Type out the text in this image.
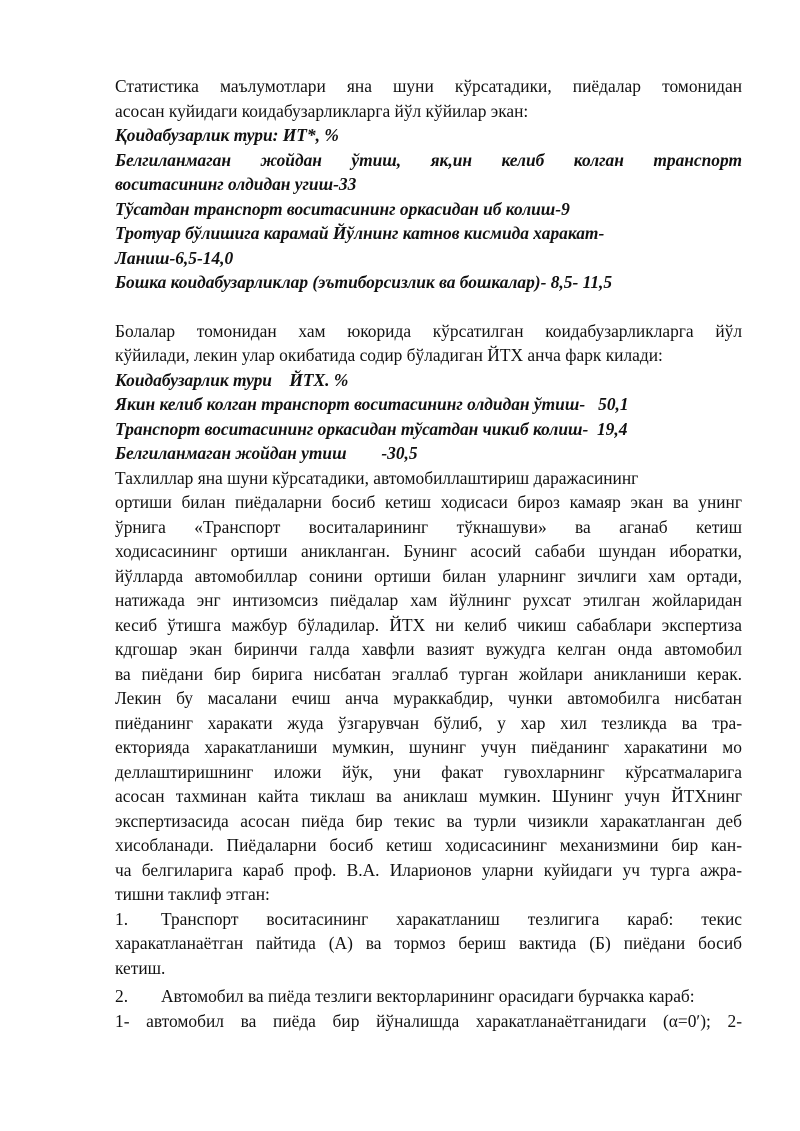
Статистика маълумотлари яна шуни кўрсатадики, пиёдалар томонидан
асосан куйидаги коидабузарликларга йўл кўйилар экан:
Қоидабузарлик тури: ИТ*, %
Белгиланмаган жойдан ўтиш, як,ин келиб колган транспорт
воситасининг олдидан угиш-33
Тўсатдан транспорт воситасининг оркасидан иб колиш-9
Тротуар бўлишига карамай Йўлнинг катнов кисмида харакат-
Ланиш-6,5-14,0
Бошка коидабузарликлар (эътиборсизлик ва бошкалар)- 8,5- 11,5
Болалар томонидан хам юкорида кўрсатилган коидабузарликларга йўл
кўйилади, лекин улар окибатида содир бўладиган ЙТХ анча фарк килади:
Коидабузарлик тури    ЙТХ. %
Якин келиб колган транспорт воситасининг олдидан ўтиш-   50,1
Транспорт воситасининг оркасидан тўсатдан чикиб колиш-  19,4
Белгиланмаган жойдан утиш        -30,5
Тахлиллар яна шуни кўрсатадики, автомобиллаштириш даражасининг
ортиши билан пиёдаларни босиб кетиш ходисаси бироз камаяр экан ва унинг
ўрнига «Транспорт воситаларининг тўкнашуви» ва аганаб кетиш
ходисасининг ортиши аникланган. Бунинг асосий сабаби шундан иборатки,
йўлларда автомобиллар сонини ортиши билан уларнинг зичлиги хам ортади,
натижада энг интизомсиз пиёдалар хам йўлнинг рухсат этилган жойларидан
кесиб ўтишга мажбур бўладилар. ЙТХ ни келиб чикиш сабаблари экспертиза
кдгошар экан биринчи галда хавфли вазият вужудга келган онда автомобил
ва пиёдани бир бирига нисбатан эгаллаб турган жойлари аникланиши керак.
Лекин бу масалани ечиш анча мураккабдир, чунки автомобилга нисбатан
пиёданинг харакати жуда ўзгарувчан бўлиб, у хар хил тезликда ва тра-
екторияда харакатланиши мумкин, шунинг учун пиёданинг харакатини мо
деллаштиришнинг иложи йўк, уни факат гувохларнинг кўрсатмаларига
асосан тахминан кайта тиклаш ва аниклаш мумкин. Шунинг учун ЙТХнинг
экспертизасида асосан пиёда бир текис ва турли чизикли харакатланган деб
хисобланади. Пиёдаларни босиб кетиш ходисасининг механизмини бир кан-
ча белгиларига караб проф. В.А. Иларионов уларни куйидаги уч турга ажра-
тишни таклиф этган:
1. Транспорт воситасининг харакатланиш тезлигига караб: текис
харакатланаётган пайтида (А) ва тормоз бериш вактида (Б) пиёдани босиб
кетиш.
2. Автомобил ва пиёда тезлиги векторларининг орасидаги бурчакка караб:
1- автомобил ва пиёда бир йўналишда харакатланаётганидаги (α=0ʹ); 2-
